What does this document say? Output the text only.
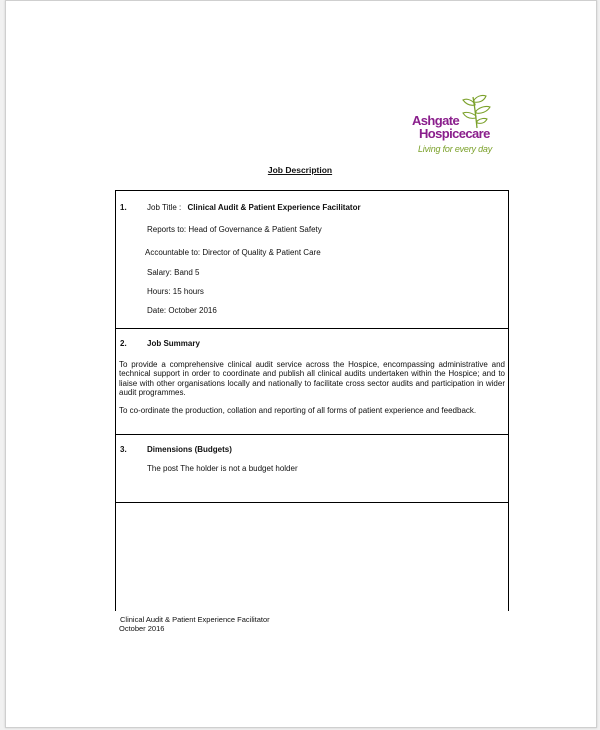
Ashgate
Hospicecare
Living for every day
Job Description
1.	Job Title : Clinical Audit & Patient Experience Facilitator
Reports to: Head of Governance & Patient Safety
Accountable to: Director of Quality & Patient Care
Salary: Band 5
Hours: 15 hours
Date: October 2016
2.	Job Summary
To provide a comprehensive clinical audit service across the Hospice, encompassing administrative and technical support in order to coordinate and publish all clinical audits undertaken within the Hospice; and to liaise with other organisations locally and nationally to facilitate cross sector audits and participation in wider audit programmes.
To co-ordinate the production, collation and reporting of all forms of patient experience and feedback.
3.	Dimensions (Budgets)
The post The holder is not a budget holder
Clinical Audit & Patient Experience Facilitator
October 2016
